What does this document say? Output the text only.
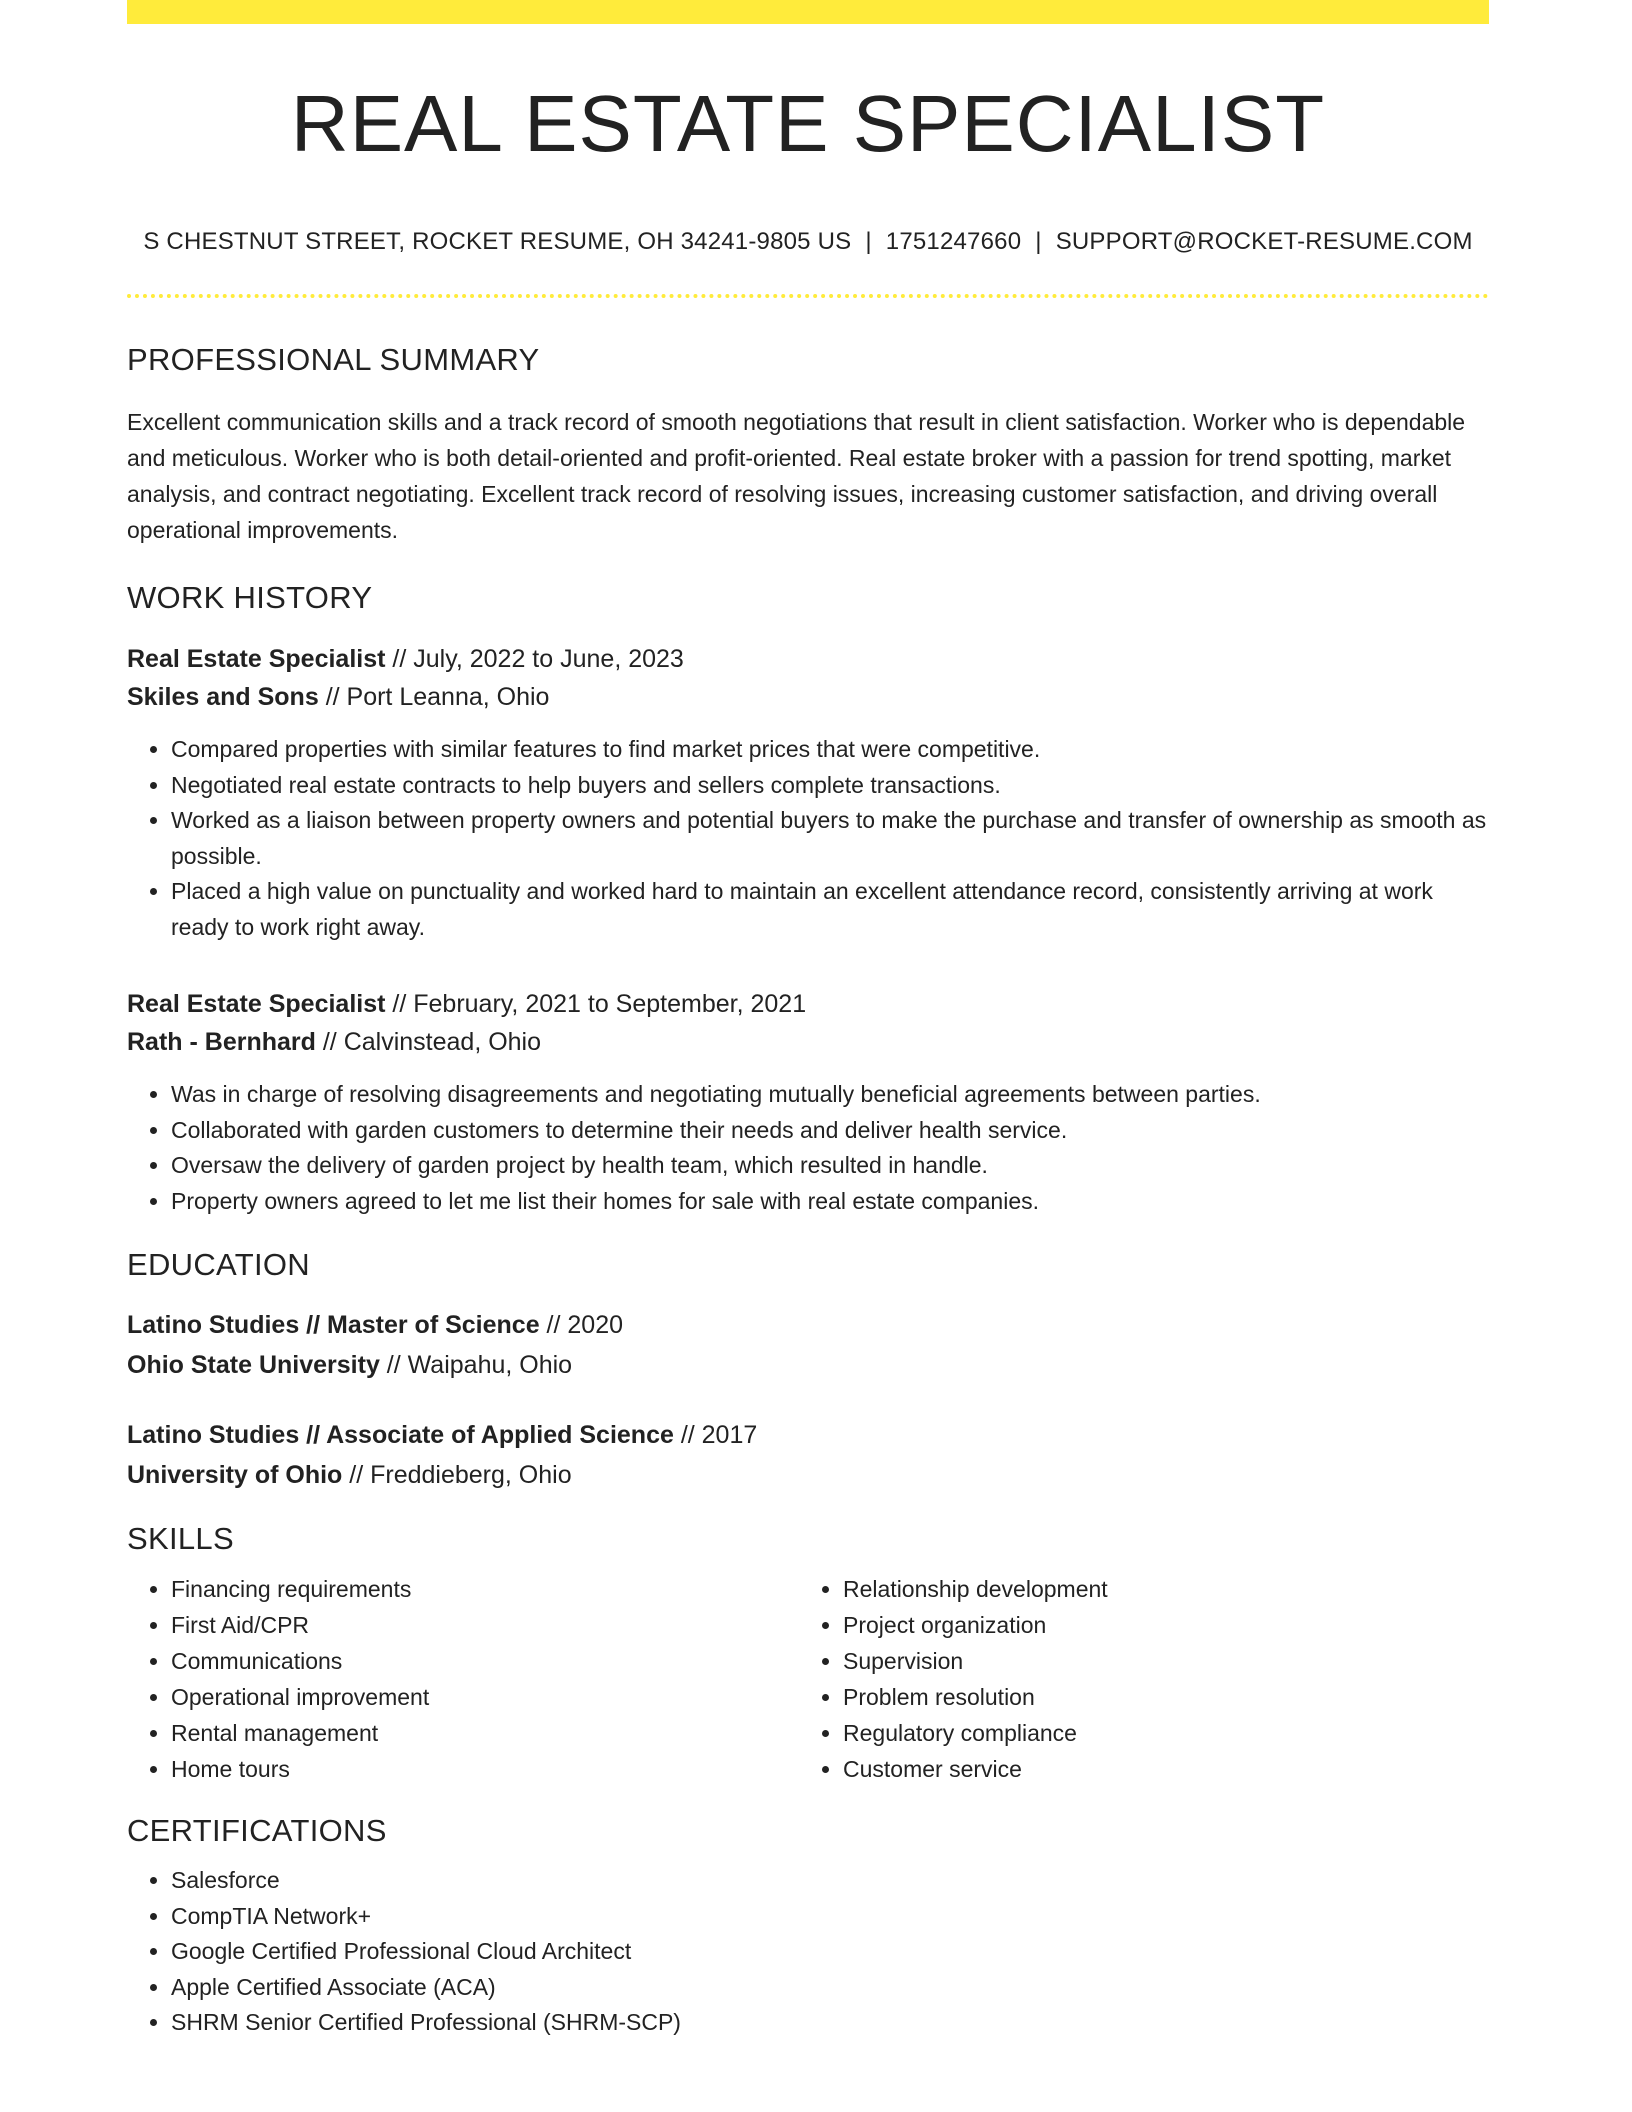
REAL ESTATE SPECIALIST
S CHESTNUT STREET, ROCKET RESUME, OH 34241-9805 US | 1751247660 | SUPPORT@ROCKET-RESUME.COM
PROFESSIONAL SUMMARY
Excellent communication skills and a track record of smooth negotiations that result in client satisfaction. Worker who is dependable and meticulous. Worker who is both detail-oriented and profit-oriented. Real estate broker with a passion for trend spotting, market analysis, and contract negotiating. Excellent track record of resolving issues, increasing customer satisfaction, and driving overall operational improvements.
WORK HISTORY
Real Estate Specialist // July, 2022 to June, 2023
Skiles and Sons // Port Leanna, Ohio
• Compared properties with similar features to find market prices that were competitive.
• Negotiated real estate contracts to help buyers and sellers complete transactions.
• Worked as a liaison between property owners and potential buyers to make the purchase and transfer of ownership as smooth as possible.
• Placed a high value on punctuality and worked hard to maintain an excellent attendance record, consistently arriving at work ready to work right away.
Real Estate Specialist // February, 2021 to September, 2021
Rath - Bernhard // Calvinstead, Ohio
• Was in charge of resolving disagreements and negotiating mutually beneficial agreements between parties.
• Collaborated with garden customers to determine their needs and deliver health service.
• Oversaw the delivery of garden project by health team, which resulted in handle.
• Property owners agreed to let me list their homes for sale with real estate companies.
EDUCATION
Latino Studies // Master of Science // 2020
Ohio State University // Waipahu, Ohio
Latino Studies // Associate of Applied Science // 2017
University of Ohio // Freddieberg, Ohio
SKILLS
• Financing requirements
• First Aid/CPR
• Communications
• Operational improvement
• Rental management
• Home tours
• Relationship development
• Project organization
• Supervision
• Problem resolution
• Regulatory compliance
• Customer service
CERTIFICATIONS
• Salesforce
• CompTIA Network+
• Google Certified Professional Cloud Architect
• Apple Certified Associate (ACA)
• SHRM Senior Certified Professional (SHRM-SCP)
